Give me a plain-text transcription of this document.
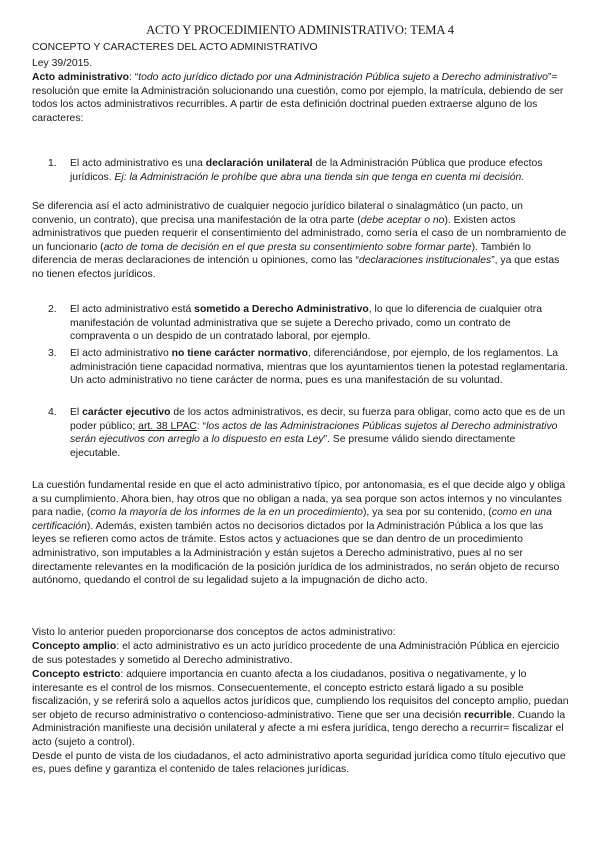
ACTO Y PROCEDIMIENTO ADMINISTRATIVO: TEMA 4
CONCEPTO Y CARACTERES DEL ACTO ADMINISTRATIVO
Ley 39/2015.
Acto administrativo: “todo acto jurídico dictado por una Administración Pública sujeto a Derecho administrativo”= resolución que emite la Administración solucionando una cuestión, como por ejemplo, la matrícula, debiendo de ser todos los actos administrativos recurribles. A partir de esta definición doctrinal pueden extraerse alguno de los caracteres:
1. El acto administrativo es una declaración unilateral de la Administración Pública que produce efectos jurídicos. Ej: la Administración le prohíbe que abra una tienda sin que tenga en cuenta mi decisión.
Se diferencia así el acto administrativo de cualquier negocio jurídico bilateral o sinalagmático (un pacto, un convenio, un contrato), que precisa una manifestación de la otra parte (debe aceptar o no). Existen actos administrativos que pueden requerir el consentimiento del administrado, como sería el caso de un nombramiento de un funcionario (acto de toma de decisión en el que presta su consentimiento sobre formar parte). También lo diferencia de meras declaraciones de intención u opiniones, como las “declaraciones institucionales”, ya que estas no tienen efectos jurídicos.
2. El acto administrativo está sometido a Derecho Administrativo, lo que lo diferencia de cualquier otra manifestación de voluntad administrativa que se sujete a Derecho privado, como un contrato de compraventa o un despido de un contratado laboral, por ejemplo.
3. El acto administrativo no tiene carácter normativo, diferenciándose, por ejemplo, de los reglamentos. La administración tiene capacidad normativa, mientras que los ayuntamientos tienen la potestad reglamentaria. Un acto administrativo no tiene carácter de norma, pues es una manifestación de su voluntad.
4. El carácter ejecutivo de los actos administrativos, es decir, su fuerza para obligar, como acto que es de un poder público; art. 38 LPAC: “los actos de las Administraciones Públicas sujetos al Derecho administrativo serán ejecutivos con arreglo a lo dispuesto en esta Ley”. Se presume válido siendo directamente ejecutable.
La cuestión fundamental reside en que el acto administrativo típico, por antonomasia, es el que decide algo y obliga a su cumplimiento. Ahora bien, hay otros que no obligan a nada, ya sea porque son actos internos y no vinculantes para nadie, (como la mayoría de los informes de la en un procedimiento), ya sea por su contenido, (como en una certificación). Además, existen también actos no decisorios dictados por la Administración Pública a los que las leyes se refieren como actos de trámite. Estos actos y actuaciones que se dan dentro de un procedimiento administrativo, son imputables a la Administración y están sujetos a Derecho administrativo, pues al no ser directamente relevantes en la modificación de la posición jurídica de los administrados, no serán objeto de recurso autónomo, quedando el control de su legalidad sujeto a la impugnación de dicho acto.
Visto lo anterior pueden proporcionarse dos conceptos de actos administrativo:
Concepto amplio: el acto administrativo es un acto jurídico procedente de una Administración Pública en ejercicio de sus potestades y sometido al Derecho administrativo.
Concepto estricto: adquiere importancia en cuanto afecta a los ciudadanos, positiva o negativamente, y lo interesante es el control de los mismos. Consecuentemente, el concepto estricto estará ligado a su posible fiscalización, y se referirá solo a aquellos actos jurídicos que, cumpliendo los requisitos del concepto amplio, puedan ser objeto de recurso administrativo o contencioso-administrativo. Tiene que ser una decisión recurrible. Cuando la Administración manifieste una decisión unilateral y afecte a mi esfera jurídica, tengo derecho a recurrir= fiscalizar el acto (sujeto a control).
Desde el punto de vista de los ciudadanos, el acto administrativo aporta seguridad jurídica como título ejecutivo que es, pues define y garantiza el contenido de tales relaciones jurídicas.
